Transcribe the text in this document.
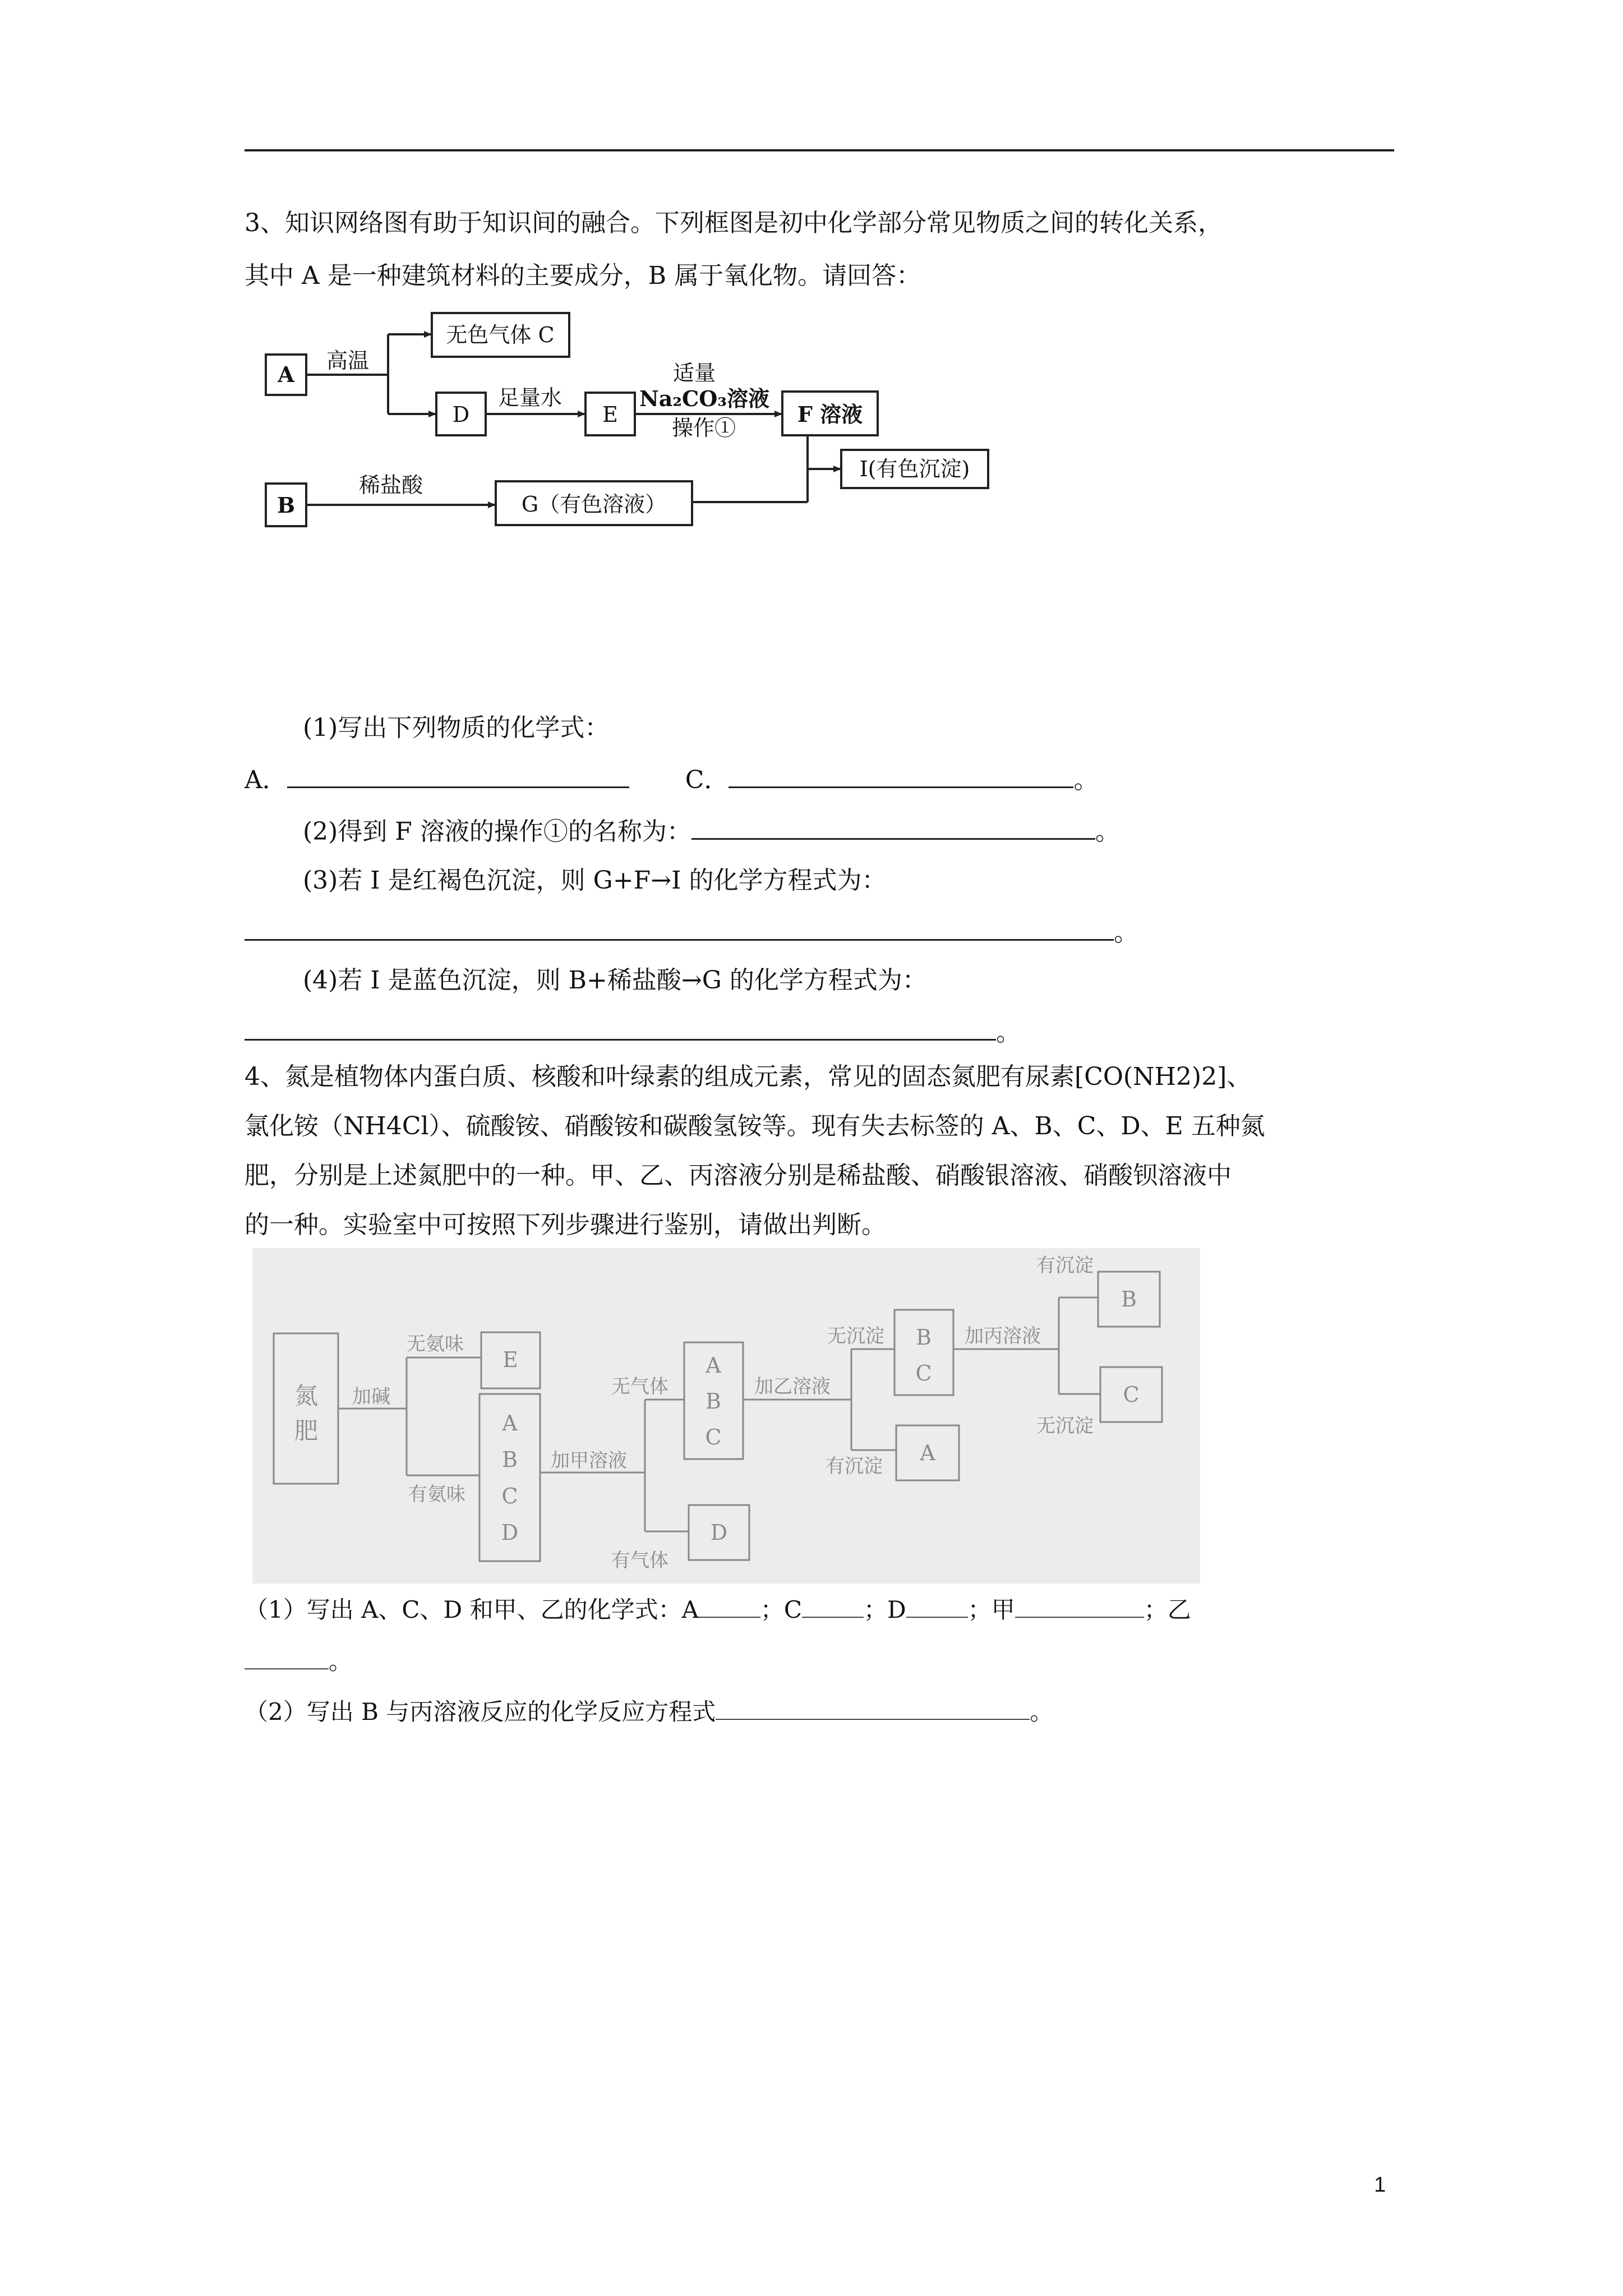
3、知识网络图有助于知识间的融合。下列框图是初中化学部分常见物质之间的转化关系，
其中 A 是一种建筑材料的主要成分，B 属于氧化物。请回答：
A
无色气体 C
D	E	F 溶液
I(有色沉淀)
B	G（有色溶液）
高温
足量水
适量
Na₂CO₃溶液
操作①
稀盐酸
(1)写出下列物质的化学式：
A．	C．	。
(2)得到 F 溶液的操作①的名称为：	。
(3)若 I 是红褐色沉淀，则 G+F→I 的化学方程式为：
。
(4)若 I 是蓝色沉淀，则 B+稀盐酸→G 的化学方程式为：
。
4、氮是植物体内蛋白质、核酸和叶绿素的组成元素，常见的固态氮肥有尿素[CO(NH2)2]、
氯化铵（NH4Cl）、硫酸铵、硝酸铵和碳酸氢铵等。现有失去标签的 A、B、C、D、E 五种氮
肥，分别是上述氮肥中的一种。甲、乙、丙溶液分别是稀盐酸、硝酸银溶液、硝酸钡溶液中
的一种。实验室中可按照下列步骤进行鉴别，请做出判断。
氮
肥
加碱
无氨味
有氨味
E
A
B
C
D
加甲溶液
无气体
有气体
A
B
C
D
加乙溶液
无沉淀
有沉淀
B
C
A
加丙溶液
有沉淀
无沉淀
B
C
（1）写出 A、C、D 和甲、乙的化学式：A	；C	；D	；甲	；乙
。
（2）写出 B 与丙溶液反应的化学反应方程式	。
1
